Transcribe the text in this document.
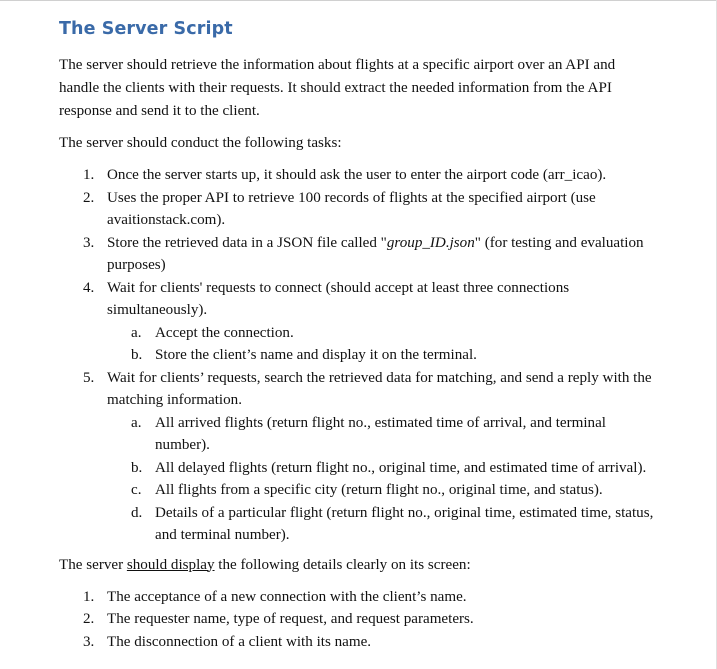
The Server Script

The server should retrieve the information about flights at a specific airport over an API and handle the clients with their requests. It should extract the needed information from the API response and send it to the client.

The server should conduct the following tasks:

1. Once the server starts up, it should ask the user to enter the airport code (arr_icao).
2. Uses the proper API to retrieve 100 records of flights at the specified airport (use avaitionstack.com).
3. Store the retrieved data in a JSON file called "group_ID.json" (for testing and evaluation purposes)
4. Wait for clients' requests to connect (should accept at least three connections simultaneously).
a. Accept the connection.
b. Store the client’s name and display it on the terminal.
5. Wait for clients’ requests, search the retrieved data for matching, and send a reply with the matching information.
a. All arrived flights (return flight no., estimated time of arrival, and terminal number).
b. All delayed flights (return flight no., original time, and estimated time of arrival).
c. All flights from a specific city (return flight no., original time, and status).
d. Details of a particular flight (return flight no., original time, estimated time, status, and terminal number).

The server should display the following details clearly on its screen:

1. The acceptance of a new connection with the client’s name.
2. The requester name, type of request, and request parameters.
3. The disconnection of a client with its name.
